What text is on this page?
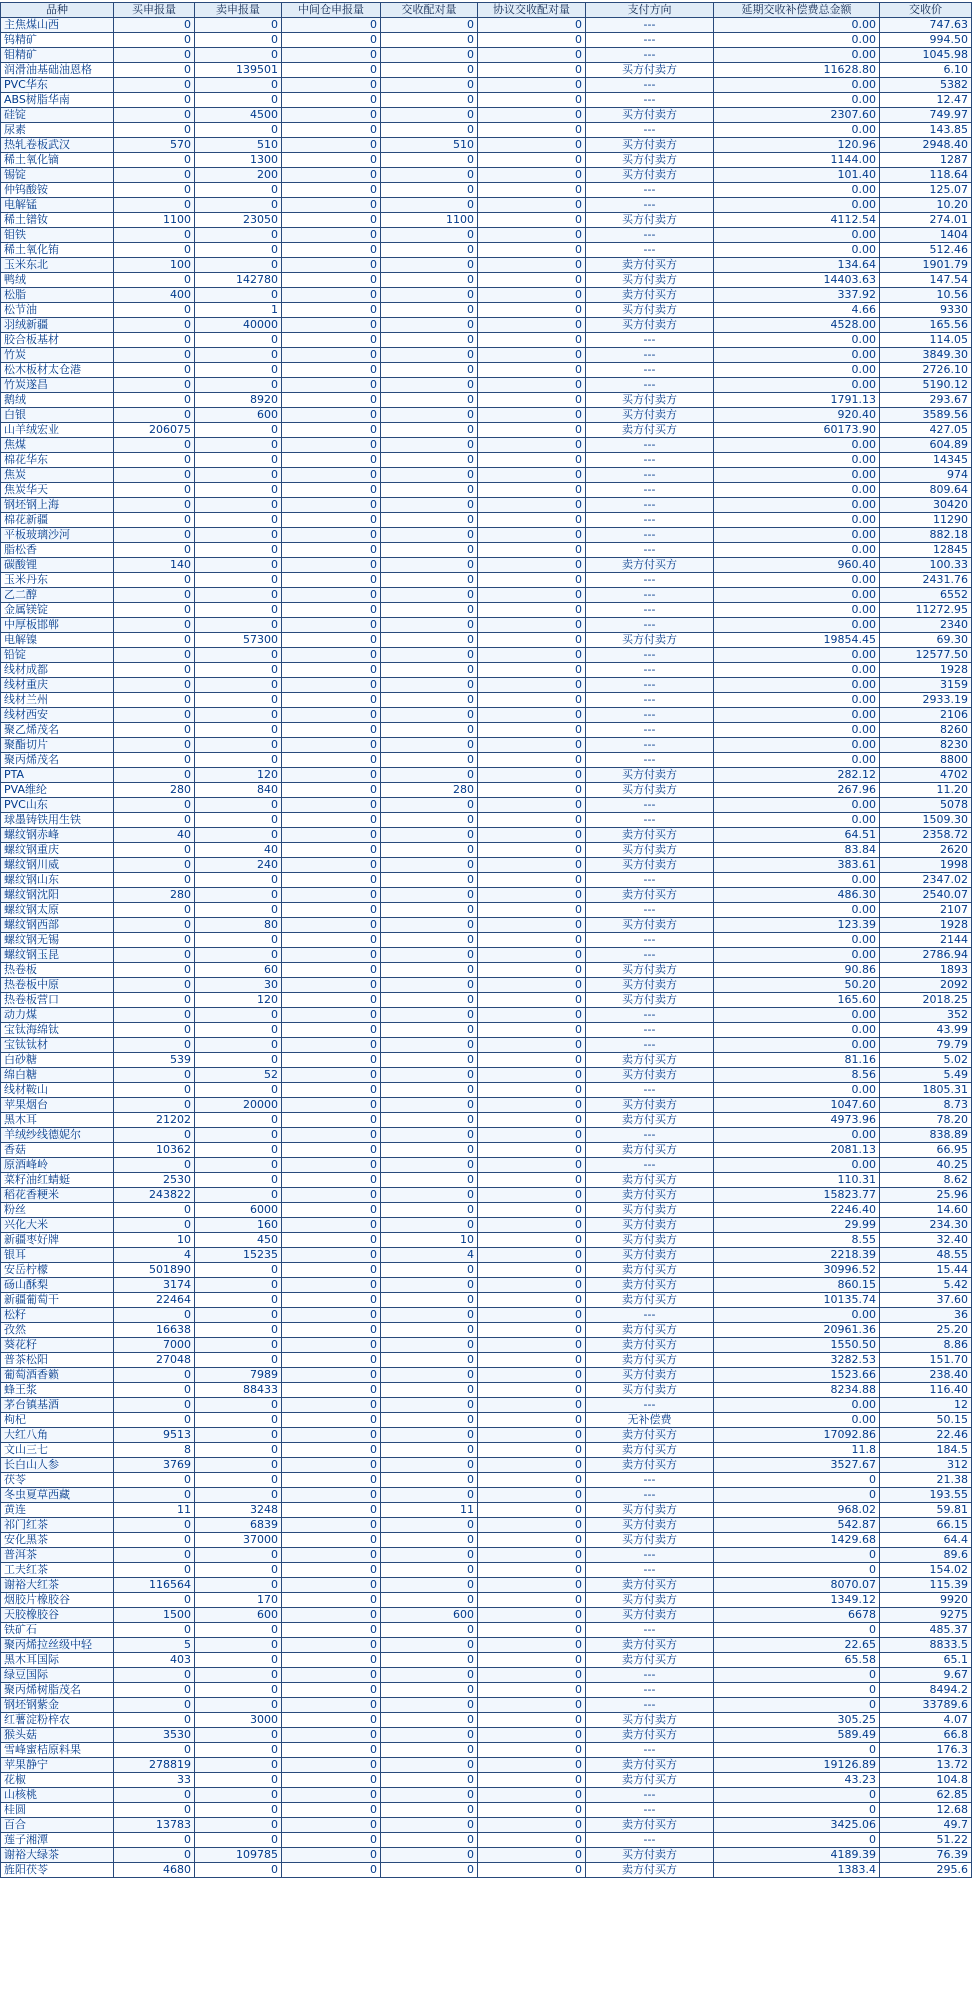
品种	买申报量	卖申报量	中间仓申报量	交收配对量	协议交收配对量	支付方向	延期交收补偿费总金额	交收价
主焦煤山西	0	0	0	0	0	---	0.00	747.63
钨精矿	0	0	0	0	0	---	0.00	994.50
钼精矿	0	0	0	0	0	---	0.00	1045.98
润滑油基础油恩格	0	139501	0	0	0	买方付卖方	11628.80	6.10
PVC华东	0	0	0	0	0	---	0.00	5382
ABS树脂华南	0	0	0	0	0	---	0.00	12.47
硅锭	0	4500	0	0	0	买方付卖方	2307.60	749.97
尿素	0	0	0	0	0	---	0.00	143.85
热轧卷板武汉	570	510	0	510	0	买方付卖方	120.96	2948.40
稀土氧化镝	0	1300	0	0	0	买方付卖方	1144.00	1287
锡锭	0	200	0	0	0	买方付卖方	101.40	118.64
仲钨酸铵	0	0	0	0	0	---	0.00	125.07
电解锰	0	0	0	0	0	---	0.00	10.20
稀土镨钕	1100	23050	0	1100	0	买方付卖方	4112.54	274.01
钼铁	0	0	0	0	0	---	0.00	1404
稀土氧化铕	0	0	0	0	0	---	0.00	512.46
玉米东北	100	0	0	0	0	卖方付买方	134.64	1901.79
鸭绒	0	142780	0	0	0	买方付卖方	14403.63	147.54
松脂	400	0	0	0	0	卖方付买方	337.92	10.56
松节油	0	1	0	0	0	买方付卖方	4.66	9330
羽绒新疆	0	40000	0	0	0	买方付卖方	4528.00	165.56
胶合板基材	0	0	0	0	0	---	0.00	114.05
竹炭	0	0	0	0	0	---	0.00	3849.30
松木板材太仓港	0	0	0	0	0	---	0.00	2726.10
竹炭遂昌	0	0	0	0	0	---	0.00	5190.12
鹅绒	0	8920	0	0	0	买方付卖方	1791.13	293.67
白银	0	600	0	0	0	买方付卖方	920.40	3589.56
山羊绒宏业	206075	0	0	0	0	卖方付买方	60173.90	427.05
焦煤	0	0	0	0	0	---	0.00	604.89
棉花华东	0	0	0	0	0	---	0.00	14345
焦炭	0	0	0	0	0	---	0.00	974
焦炭华天	0	0	0	0	0	---	0.00	809.64
钢坯钢上海	0	0	0	0	0	---	0.00	30420
棉花新疆	0	0	0	0	0	---	0.00	11290
平板玻璃沙河	0	0	0	0	0	---	0.00	882.18
脂松香	0	0	0	0	0	---	0.00	12845
碳酸锂	140	0	0	0	0	卖方付买方	960.40	100.33
玉米丹东	0	0	0	0	0	---	0.00	2431.76
乙二醇	0	0	0	0	0	---	0.00	6552
金属镁锭	0	0	0	0	0	---	0.00	11272.95
中厚板邯郸	0	0	0	0	0	---	0.00	2340
电解镍	0	57300	0	0	0	买方付卖方	19854.45	69.30
铅锭	0	0	0	0	0	---	0.00	12577.50
线材成都	0	0	0	0	0	---	0.00	1928
线材重庆	0	0	0	0	0	---	0.00	3159
线材兰州	0	0	0	0	0	---	0.00	2933.19
线材西安	0	0	0	0	0	---	0.00	2106
聚乙烯茂名	0	0	0	0	0	---	0.00	8260
聚酯切片	0	0	0	0	0	---	0.00	8230
聚丙烯茂名	0	0	0	0	0	---	0.00	8800
PTA	0	120	0	0	0	买方付卖方	282.12	4702
PVA维纶	280	840	0	280	0	买方付卖方	267.96	11.20
PVC山东	0	0	0	0	0	---	0.00	5078
球墨铸铁用生铁	0	0	0	0	0	---	0.00	1509.30
螺纹钢赤峰	40	0	0	0	0	卖方付买方	64.51	2358.72
螺纹钢重庆	0	40	0	0	0	买方付卖方	83.84	2620
螺纹钢川威	0	240	0	0	0	买方付卖方	383.61	1998
螺纹钢山东	0	0	0	0	0	---	0.00	2347.02
螺纹钢沈阳	280	0	0	0	0	卖方付买方	486.30	2540.07
螺纹钢太原	0	0	0	0	0	---	0.00	2107
螺纹钢西部	0	80	0	0	0	买方付卖方	123.39	1928
螺纹钢无锡	0	0	0	0	0	---	0.00	2144
螺纹钢玉昆	0	0	0	0	0	---	0.00	2786.94
热卷板	0	60	0	0	0	买方付卖方	90.86	1893
热卷板中原	0	30	0	0	0	买方付卖方	50.20	2092
热卷板营口	0	120	0	0	0	买方付卖方	165.60	2018.25
动力煤	0	0	0	0	0	---	0.00	352
宝钛海绵钛	0	0	0	0	0	---	0.00	43.99
宝钛钛材	0	0	0	0	0	---	0.00	79.79
白砂糖	539	0	0	0	0	卖方付买方	81.16	5.02
绵白糖	0	52	0	0	0	买方付卖方	8.56	5.49
线材鞍山	0	0	0	0	0	---	0.00	1805.31
苹果烟台	0	20000	0	0	0	买方付卖方	1047.60	8.73
黑木耳	21202	0	0	0	0	卖方付买方	4973.96	78.20
羊绒纱线德妮尔	0	0	0	0	0	---	0.00	838.89
香菇	10362	0	0	0	0	卖方付买方	2081.13	66.95
原酒峰岭	0	0	0	0	0	---	0.00	40.25
菜籽油红蜻蜓	2530	0	0	0	0	卖方付买方	110.31	8.62
稻花香粳米	243822	0	0	0	0	卖方付买方	15823.77	25.96
粉丝	0	6000	0	0	0	买方付卖方	2246.40	14.60
兴化大米	0	160	0	0	0	买方付卖方	29.99	234.30
新疆枣好牌	10	450	0	10	0	买方付卖方	8.55	32.40
银耳	4	15235	0	4	0	买方付卖方	2218.39	48.55
安岳柠檬	501890	0	0	0	0	卖方付买方	30996.52	15.44
砀山酥梨	3174	0	0	0	0	卖方付买方	860.15	5.42
新疆葡萄干	22464	0	0	0	0	卖方付买方	10135.74	37.60
松籽	0	0	0	0	0	---	0.00	36
孜然	16638	0	0	0	0	卖方付买方	20961.36	25.20
葵花籽	7000	0	0	0	0	卖方付买方	1550.50	8.86
普茶松阳	27048	0	0	0	0	卖方付买方	3282.53	151.70
葡萄酒香籁	0	7989	0	0	0	买方付卖方	1523.66	238.40
蜂王浆	0	88433	0	0	0	买方付卖方	8234.88	116.40
茅台镇基酒	0	0	0	0	0	---	0.00	12
枸杞	0	0	0	0	0	无补偿费	0.00	50.15
大红八角	9513	0	0	0	0	卖方付买方	17092.86	22.46
文山三七	8	0	0	0	0	卖方付买方	11.8	184.5
长白山人参	3769	0	0	0	0	卖方付买方	3527.67	312
茯苓	0	0	0	0	0	---	0	21.38
冬虫夏草西藏	0	0	0	0	0	---	0	193.55
黄连	11	3248	0	11	0	买方付卖方	968.02	59.81
祁门红茶	0	6839	0	0	0	买方付卖方	542.87	66.15
安化黑茶	0	37000	0	0	0	买方付卖方	1429.68	64.4
普洱茶	0	0	0	0	0	---	0	89.6
工夫红茶	0	0	0	0	0	---	0	154.02
谢裕大红茶	116564	0	0	0	0	卖方付买方	8070.07	115.39
烟胶片橡胶谷	0	170	0	0	0	买方付卖方	1349.12	9920
天胶橡胶谷	1500	600	0	600	0	买方付卖方	6678	9275
铁矿石	0	0	0	0	0	---	0	485.37
聚丙烯拉丝级中轻	5	0	0	0	0	卖方付买方	22.65	8833.5
黑木耳国际	403	0	0	0	0	卖方付买方	65.58	65.1
绿豆国际	0	0	0	0	0	---	0	9.67
聚丙烯树脂茂名	0	0	0	0	0	---	0	8494.2
钢坯钢紫金	0	0	0	0	0	---	0	33789.6
红薯淀粉梓农	0	3000	0	0	0	买方付卖方	305.25	4.07
猴头菇	3530	0	0	0	0	卖方付买方	589.49	66.8
雪峰蜜桔原料果	0	0	0	0	0	---	0	176.3
苹果静宁	278819	0	0	0	0	卖方付买方	19126.89	13.72
花椒	33	0	0	0	0	卖方付买方	43.23	104.8
山核桃	0	0	0	0	0	---	0	62.85
桂圆	0	0	0	0	0	---	0	12.68
百合	13783	0	0	0	0	卖方付买方	3425.06	49.7
莲子湘潭	0	0	0	0	0	---	0	51.22
谢裕大绿茶	0	109785	0	0	0	买方付卖方	4189.39	76.39
旌阳茯苓	4680	0	0	0	0	卖方付买方	1383.4	295.6
